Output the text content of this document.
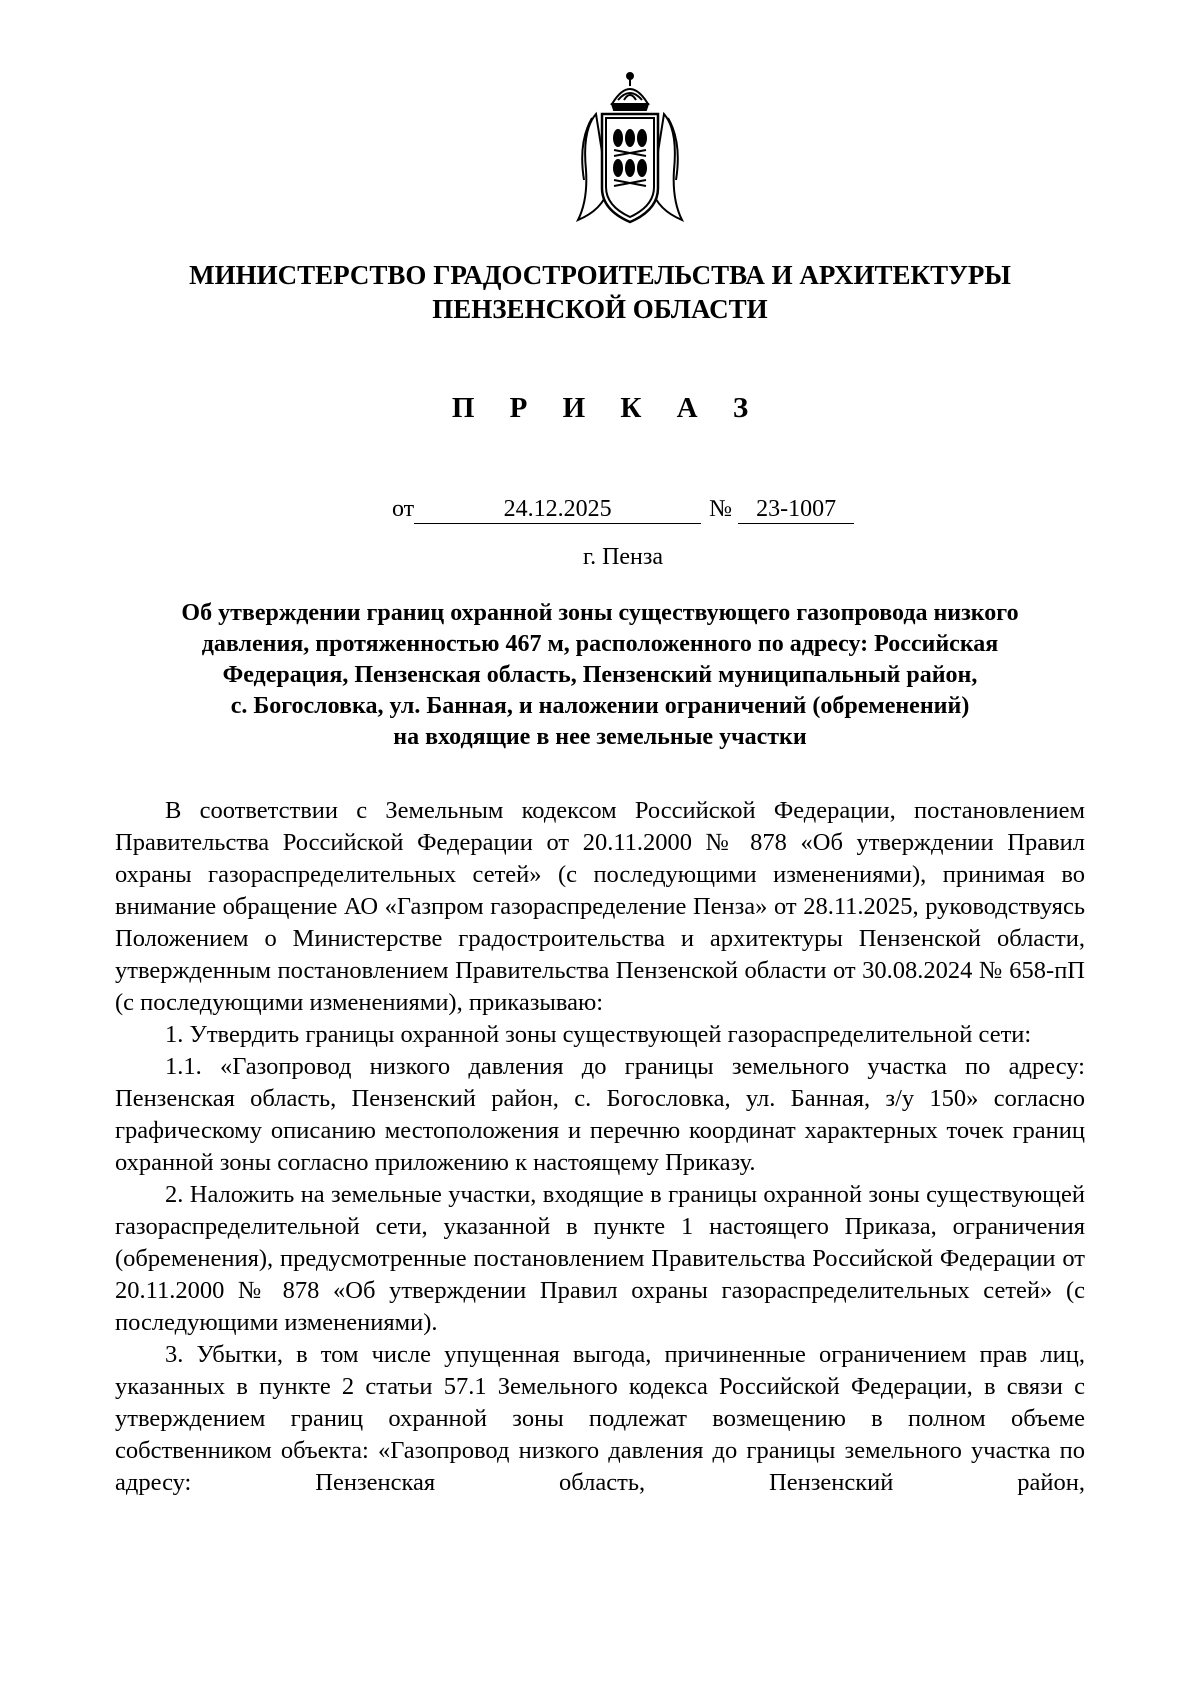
МИНИСТЕРСТВО ГРАДОСТРОИТЕЛЬСТВА И АРХИТЕКТУРЫ
ПЕНЗЕНСКОЙ ОБЛАСТИ
П Р И К А З
от	24.12.2025	№ 23-1007
г. Пенза
Об утверждении границ охранной зоны существующего газопровода низкого
давления, протяженностью 467 м, расположенного по адресу: Российская
Федерация, Пензенская область, Пензенский муниципальный район,
с. Богословка, ул. Банная, и наложении ограничений (обременений)
на входящие в нее земельные участки

В соответствии с Земельным кодексом Российской Федерации, постановлением Правительства Российской Федерации от 20.11.2000 № 878 «Об утверждении Правил охраны газораспределительных сетей» (с последующими изменениями), принимая во внимание обращение АО «Газпром газораспределение Пенза» от 28.11.2025, руководствуясь Положением о Министерстве градостроительства и архитектуры Пензенской области, утвержденным постановлением Правительства Пензенской области от 30.08.2024 № 658-пП (с последующими изменениями), приказываю:

1. Утвердить границы охранной зоны существующей газораспределительной сети:

1.1. «Газопровод низкого давления до границы земельного участка по адресу: Пензенская область, Пензенский район, с. Богословка, ул. Банная, з/у 150» согласно графическому описанию местоположения и перечню координат характерных точек границ охранной зоны согласно приложению к настоящему Приказу.

2. Наложить на земельные участки, входящие в границы охранной зоны существующей газораспределительной сети, указанной в пункте 1 настоящего Приказа, ограничения (обременения), предусмотренные постановлением Правительства Российской Федерации от 20.11.2000 № 878 «Об утверждении Правил охраны газораспределительных сетей» (с последующими изменениями).

3. Убытки, в том числе упущенная выгода, причиненные ограничением прав лиц, указанных в пункте 2 статьи 57.1 Земельного кодекса Российской Федерации, в связи с утверждением границ охранной зоны подлежат возмещению в полном объеме собственником объекта: «Газопровод низкого давления до границы земельного участка по адресу: Пензенская область, Пензенский район,
